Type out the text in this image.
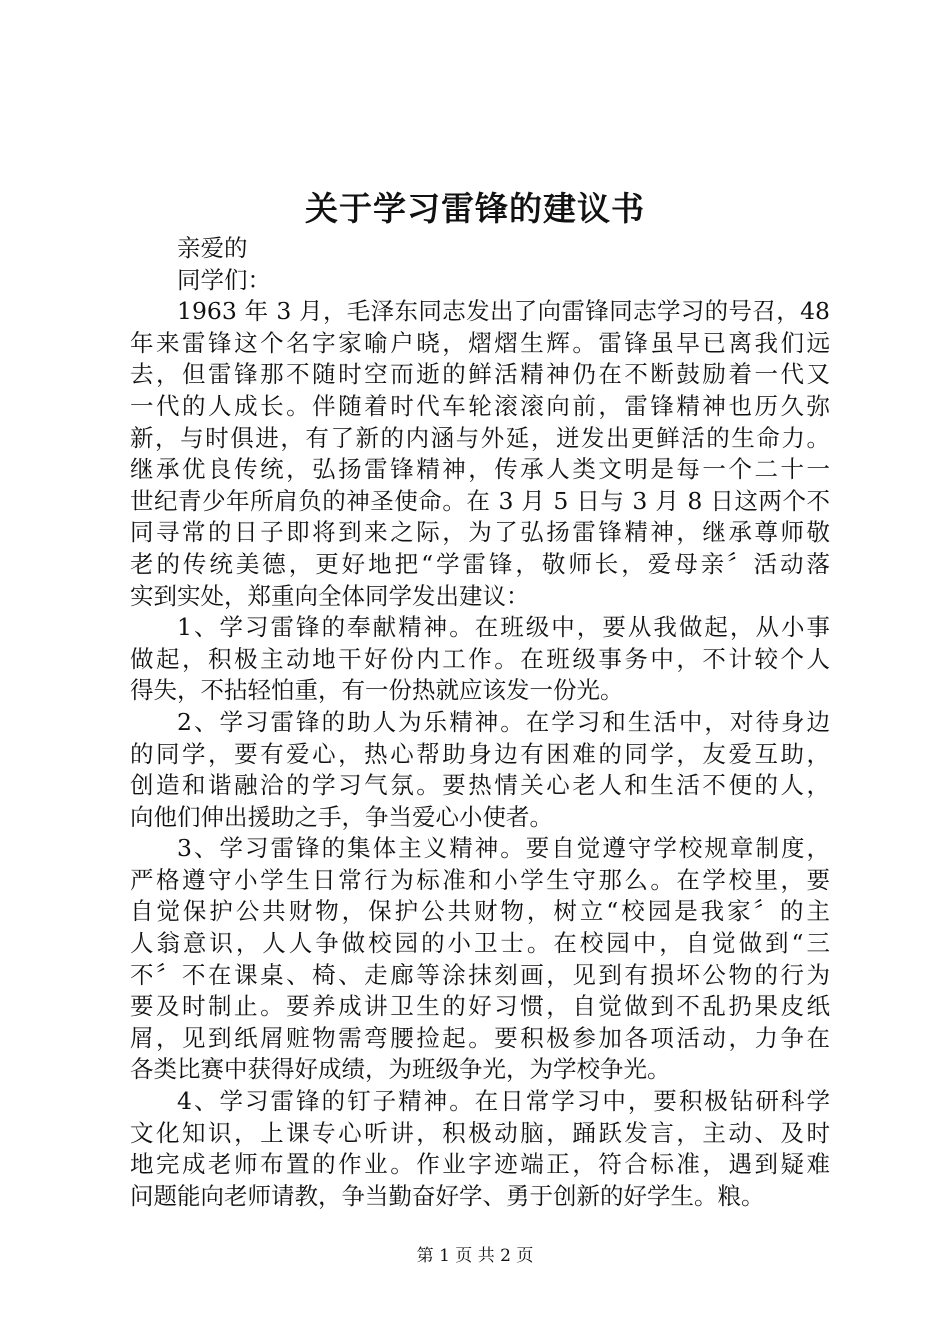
关于学习雷锋的建议书
亲爱的
同学们：
1963 年 3 月，毛泽东同志发出了向雷锋同志学习的号召，48
年来雷锋这个名字家喻户晓，熠熠生辉。雷锋虽早已离我们远
去，但雷锋那不随时空而逝的鲜活精神仍在不断鼓励着一代又
一代的人成长。伴随着时代车轮滚滚向前，雷锋精神也历久弥
新，与时俱进，有了新的内涵与外延，迸发出更鲜活的生命力。
继承优良传统，弘扬雷锋精神，传承人类文明是每一个二十一
世纪青少年所肩负的神圣使命。在 3 月 5 日与 3 月 8 日这两个不
同寻常的日子即将到来之际，为了弘扬雷锋精神，继承尊师敬
老的传统美德，更好地把“学雷锋，敬师长，爱母亲〞活动落
实到实处，郑重向全体同学发出建议：
1、学习雷锋的奉献精神。在班级中，要从我做起，从小事
做起，积极主动地干好份内工作。在班级事务中，不计较个人
得失，不拈轻怕重，有一份热就应该发一份光。
2、学习雷锋的助人为乐精神。在学习和生活中，对待身边
的同学，要有爱心，热心帮助身边有困难的同学，友爱互助，
创造和谐融洽的学习气氛。要热情关心老人和生活不便的人，
向他们伸出援助之手，争当爱心小使者。
3、学习雷锋的集体主义精神。要自觉遵守学校规章制度，
严格遵守小学生日常行为标准和小学生守那么。在学校里，要
自觉保护公共财物，保护公共财物，树立“校园是我家〞的主
人翁意识，人人争做校园的小卫士。在校园中，自觉做到“三
不〞不在课桌、椅、走廊等涂抹刻画，见到有损坏公物的行为
要及时制止。要养成讲卫生的好习惯，自觉做到不乱扔果皮纸
屑，见到纸屑赃物需弯腰捡起。要积极参加各项活动，力争在
各类比赛中获得好成绩，为班级争光，为学校争光。
4、学习雷锋的钉子精神。在日常学习中，要积极钻研科学
文化知识，上课专心听讲，积极动脑，踊跃发言，主动、及时
地完成老师布置的作业。作业字迹端正，符合标准，遇到疑难
问题能向老师请教，争当勤奋好学、勇于创新的好学生。粮。
第 1 页 共 2 页
